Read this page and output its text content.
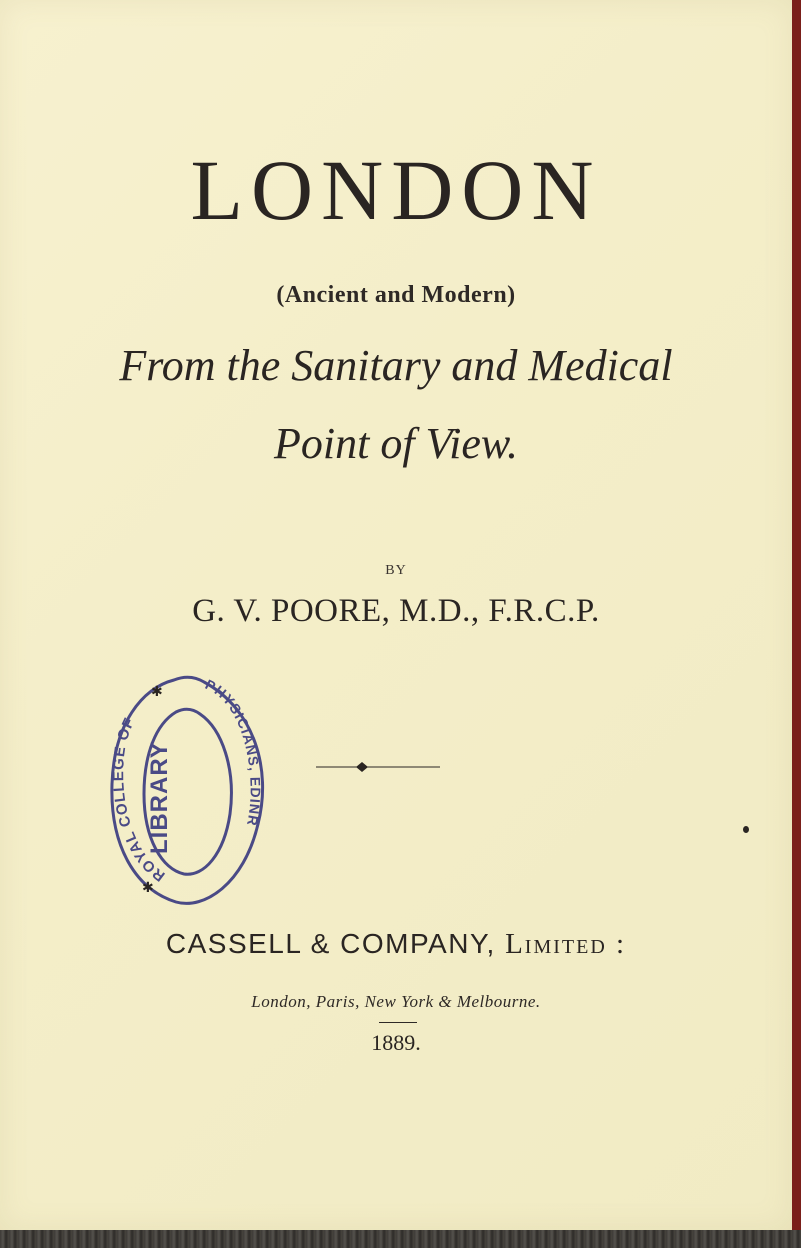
LONDON
(Ancient and Modern)
From the Sanitary and Medical
Point of View.
BY
G. V. POORE, M.D., F.R.C.P.
ROYAL COLLEGE OF
PHYSICIANS, EDINR
LIBRARY
✱
✱
CASSELL & COMPANY, Limited :
London, Paris, New York & Melbourne.
1889.
